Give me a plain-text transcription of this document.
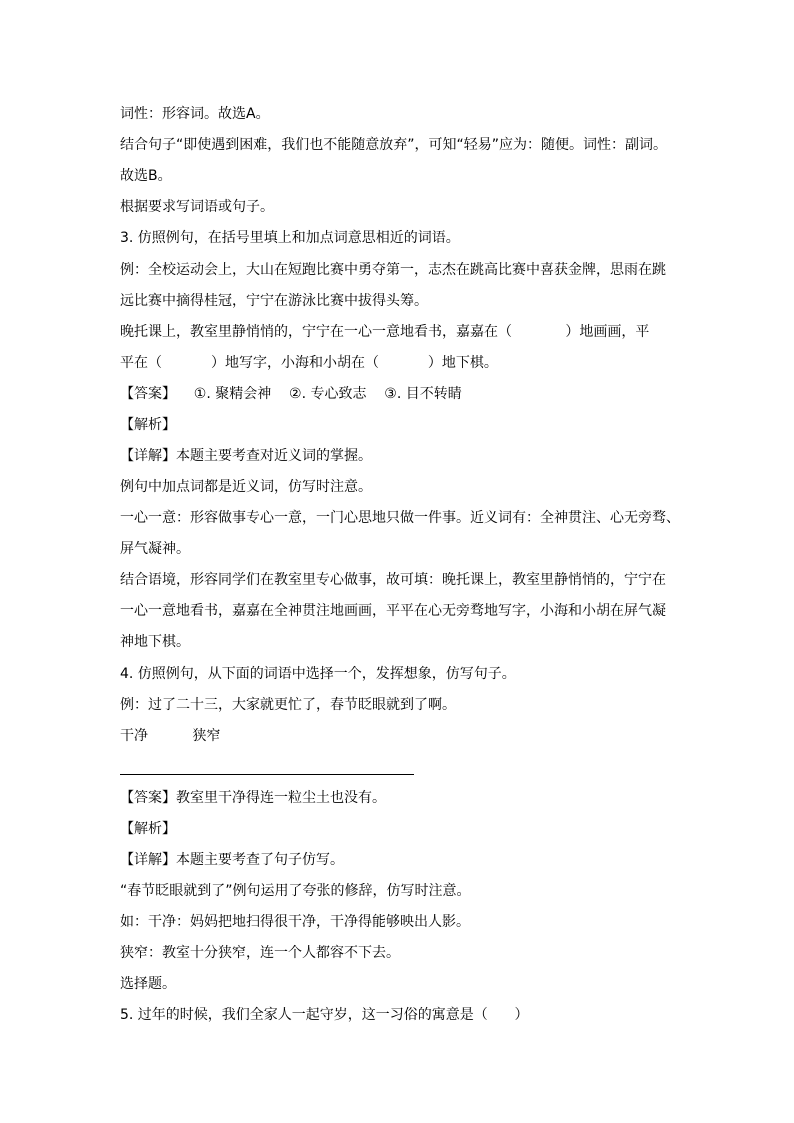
词性：形容词。故选A。
结合句子“即使遇到困难，我们也不能随意放弃”，可知“轻易”应为：随便。词性：副词。
故选B。
根据要求写词语或句子。
3. 仿照例句，在括号里填上和加点词意思相近的词语。
例：全校运动会上，大山在短跑比赛中勇夺第一，志杰在跳高比赛中喜获金牌，思雨在跳
远比赛中摘得桂冠，宁宁在游泳比赛中拔得头筹。
晚托课上，教室里静悄悄的，宁宁在一心一意地看书，嘉嘉在（            ）地画画，平
平在（           ）地写字，小海和小胡在（           ）地下棋。
【答案】    ①. 聚精会神    ②. 专心致志    ③. 目不转睛
【解析】
【详解】本题主要考查对近义词的掌握。
例句中加点词都是近义词，仿写时注意。
一心一意：形容做事专心一意，一门心思地只做一件事。近义词有：全神贯注、心无旁骛、
屏气凝神。
结合语境，形容同学们在教室里专心做事，故可填：晚托课上，教室里静悄悄的，宁宁在
一心一意地看书，嘉嘉在全神贯注地画画，平平在心无旁骛地写字，小海和小胡在屏气凝
神地下棋。
4. 仿照例句，从下面的词语中选择一个，发挥想象，仿写句子。
例：过了二十三，大家就更忙了，春节眨眼就到了啊。
干净          狭窄
【答案】教室里干净得连一粒尘土也没有。
【解析】
【详解】本题主要考查了句子仿写。
“春节眨眼就到了”例句运用了夸张的修辞，仿写时注意。
如：干净：妈妈把地扫得很干净，干净得能够映出人影。
狭窄：教室十分狭窄，连一个人都容不下去。
选择题。
5. 过年的时候，我们全家人一起守岁，这一习俗的寓意是（      ）
